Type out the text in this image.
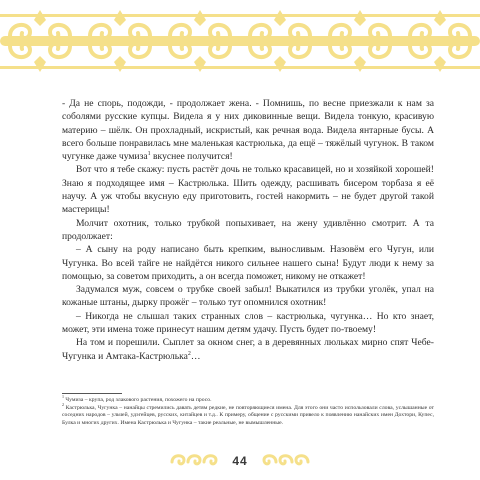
- Да не спорь, подожди, - продолжает жена. - Помнишь, по весне приезжали к нам за соболями русские купцы. Видела я у них диковинные вещи. Видела тонкую, красивую материю – шёлк. Он прохладный, искристый, как речная вода. Видела янтарные бусы. А всего больше понравилась мне маленькая кастрюлька, да ещё – тяжёлый чугунок. В таком чугунке даже чумиза$^1$ вкуснее получится!

Вот что я тебе скажу: пусть растёт дочь не только красавицей, но и хозяйкой хорошей! Знаю я подходящее имя – Кастрюлька. Шить одежду, расшивать бисером торбаза я её научу. А уж чтобы вкусную еду приготовить, гостей накормить – не будет другой такой мастерицы!

Молчит охотник, только трубкой попыхивает, на жену удивлённо смотрит. А та продолжает:

– А сыну на роду написано быть крепким, выносливым. Назовём его Чугун, или Чугунка. Во всей тайге не найдётся никого сильнее нашего сына! Будут люди к нему за помощью, за советом приходить, а он всегда поможет, никому не откажет!

Задумался муж, совсем о трубке своей забыл! Выкатился из трубки уголёк, упал на кожаные штаны, дырку прожёг – только тут опомнился охотник!

– Никогда не слышал таких странных слов – кастрюлька, чугунка… Но кто знает, может, эти имена тоже принесут нашим детям удачу. Пусть будет по-твоему!

На том и порешили. Сыплет за окном снег, а в деревянных люльках мирно спят Чебе-Чугунка и Амтака-Кастрюлька$^2$…

$^1$ Чумиза – крупа, род злакового растения, похожего на просо.

$^2$ Кастрюлька, Чугунка – нанайцы стремились давать детям редкие, не повторяющиеся имена. Для этого они часто использовали слова, услышанные от соседних народов – ульчей, удэгейцев, русских, китайцев и т.д.. К примеру, общение с русскими привело к появлению нанайских имен Дохтори, Купес, Булка и многих других. Имена Кастрюлька и Чугунка – такие реальные, не вымышленные.

44
